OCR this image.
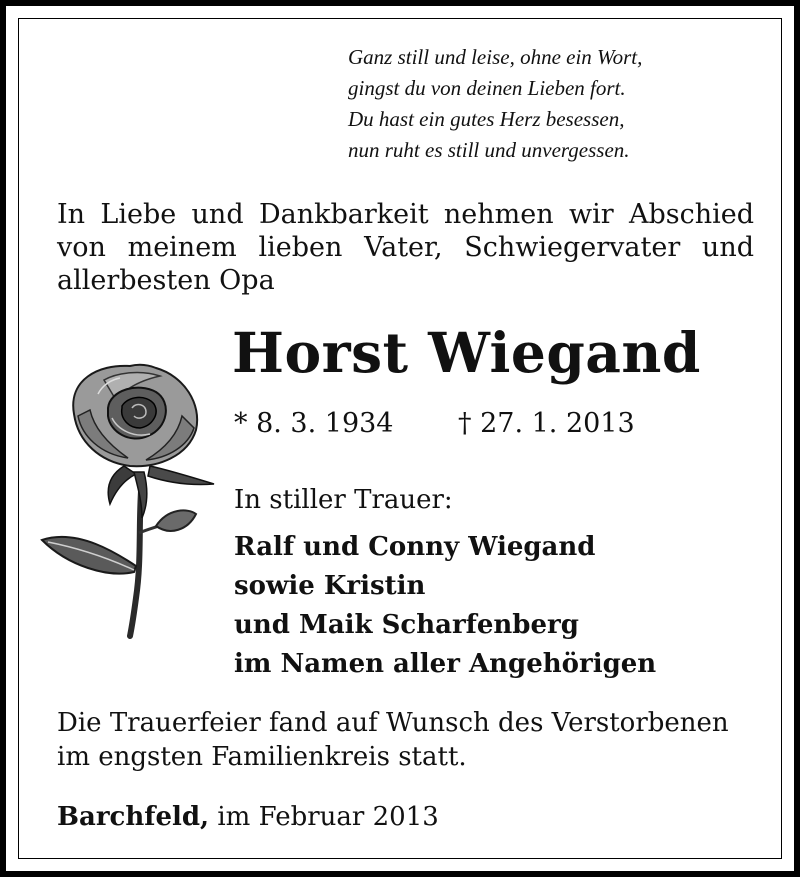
Ganz still und leise, ohne ein Wort,
gingst du von deinen Lieben fort.
Du hast ein gutes Herz besessen,
nun ruht es still und unvergessen.
In Liebe und Dankbarkeit nehmen wir Abschied von meinem lieben Vater, Schwiegervater und allerbesten Opa
Horst Wiegand
* 8. 3. 1934 † 27. 1. 2013
In stiller Trauer:
Ralf und Conny Wiegand
sowie Kristin
und Maik Scharfenberg
im Namen aller Angehörigen
Die Trauerfeier fand auf Wunsch des Verstorbenen
im engsten Familienkreis statt.
Barchfeld, im Februar 2013
